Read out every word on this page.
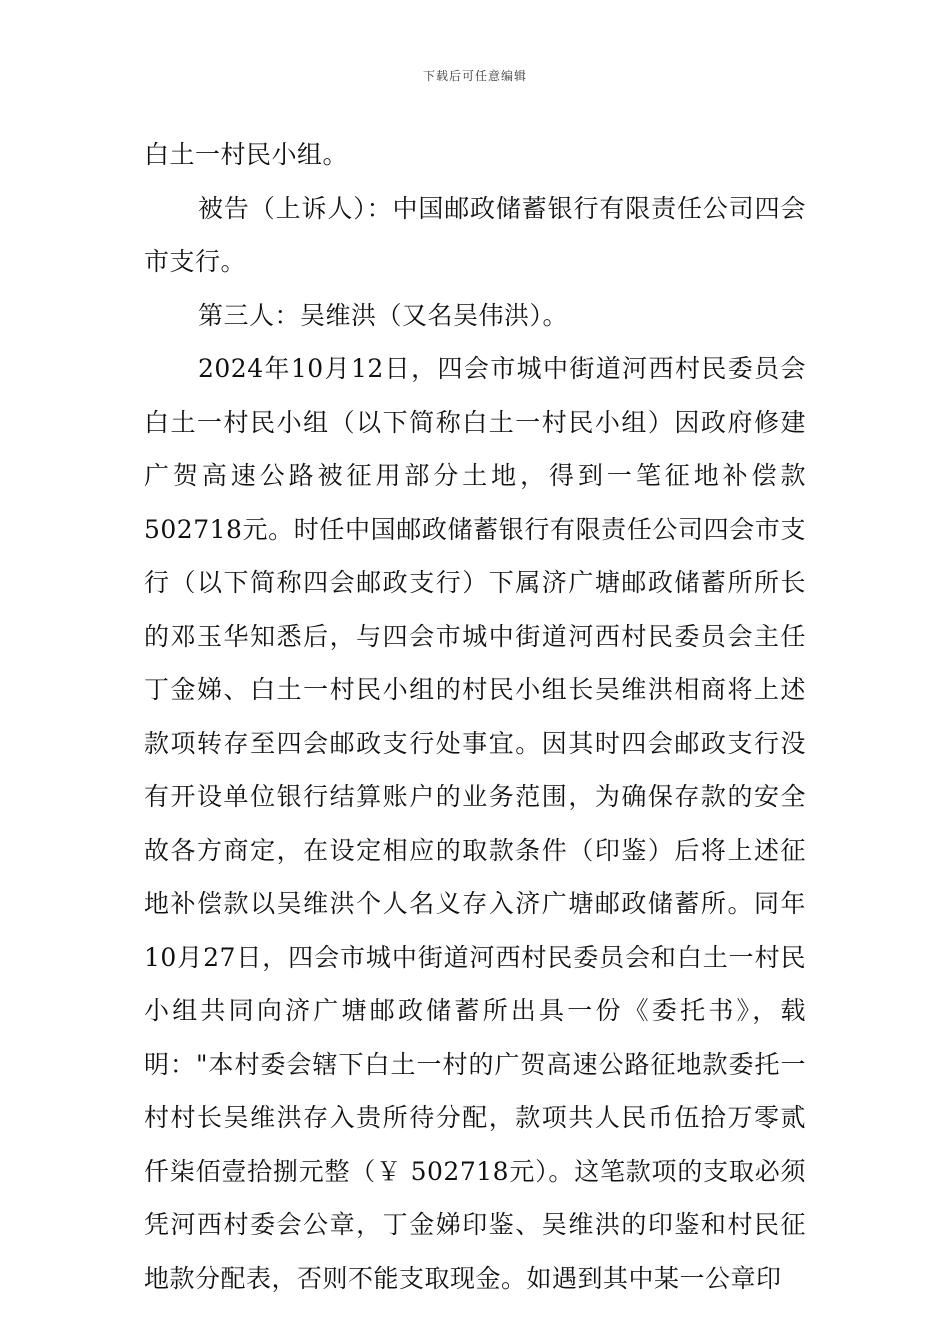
下载后可任意编辑

白土一村民小组。

被告（上诉人）：中国邮政储蓄银行有限责任公司四会市支行。

第三人：吴维洪（又名吴伟洪）。

2024年10月12日，四会市城中街道河西村民委员会白土一村民小组（以下简称白土一村民小组）因政府修建广贺高速公路被征用部分土地，得到一笔征地补偿款502718元。时任中国邮政储蓄银行有限责任公司四会市支行（以下简称四会邮政支行）下属济广塘邮政储蓄所所长的邓玉华知悉后，与四会市城中街道河西村民委员会主任丁金娣、白土一村民小组的村民小组长吴维洪相商将上述款项转存至四会邮政支行处事宜。因其时四会邮政支行没有开设单位银行结算账户的业务范围，为确保存款的安全故各方商定，在设定相应的取款条件（印鉴）后将上述征地补偿款以吴维洪个人名义存入济广塘邮政储蓄所。同年10月27日，四会市城中街道河西村民委员会和白土一村民小组共同向济广塘邮政储蓄所出具一份《委托书》，载明："本村委会辖下白土一村的广贺高速公路征地款委托一村村长吴维洪存入贵所待分配，款项共人民币伍拾万零贰仟柒佰壹拾捌元整（￥ 502718元）。这笔款项的支取必须凭河西村委会公章，丁金娣印鉴、吴维洪的印鉴和村民征地款分配表，否则不能支取现金。如遇到其中某一公章印
